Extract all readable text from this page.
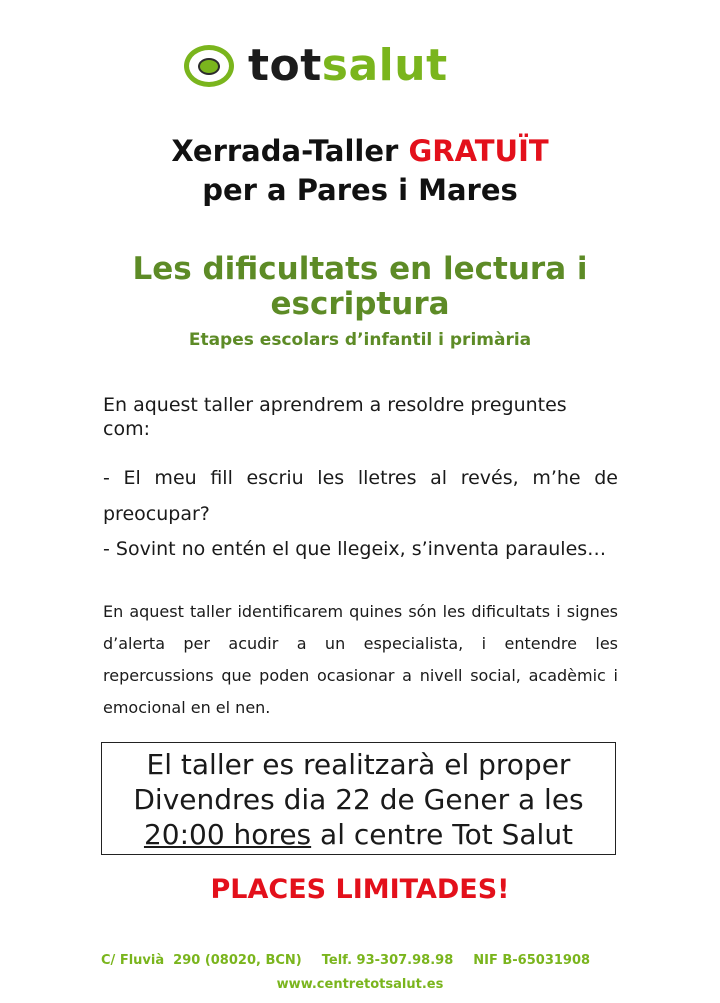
totsalut
Xerrada-Taller GRATUÏT
per a Pares i Mares
Les dificultats en lectura i escriptura
Etapes escolars d’infantil i primària
En aquest taller aprendrem a resoldre preguntes com:
- El meu fill escriu les lletres al revés, m’he de preocupar?
- Sovint no entén el que llegeix, s’inventa paraules…
En aquest taller identificarem quines són les dificultats i signes d’alerta per acudir a un especialista, i entendre les repercussions que poden ocasionar a nivell social, acadèmic i emocional en el nen.
El taller es realitzarà el proper
Divendres dia 22 de Gener a les
20:00 hores al centre Tot Salut
PLACES LIMITADES!
C/ Fluvià  290 (08020, BCN) Telf. 93-307.98.98 NIF B-65031908
www.centretotsalut.es
